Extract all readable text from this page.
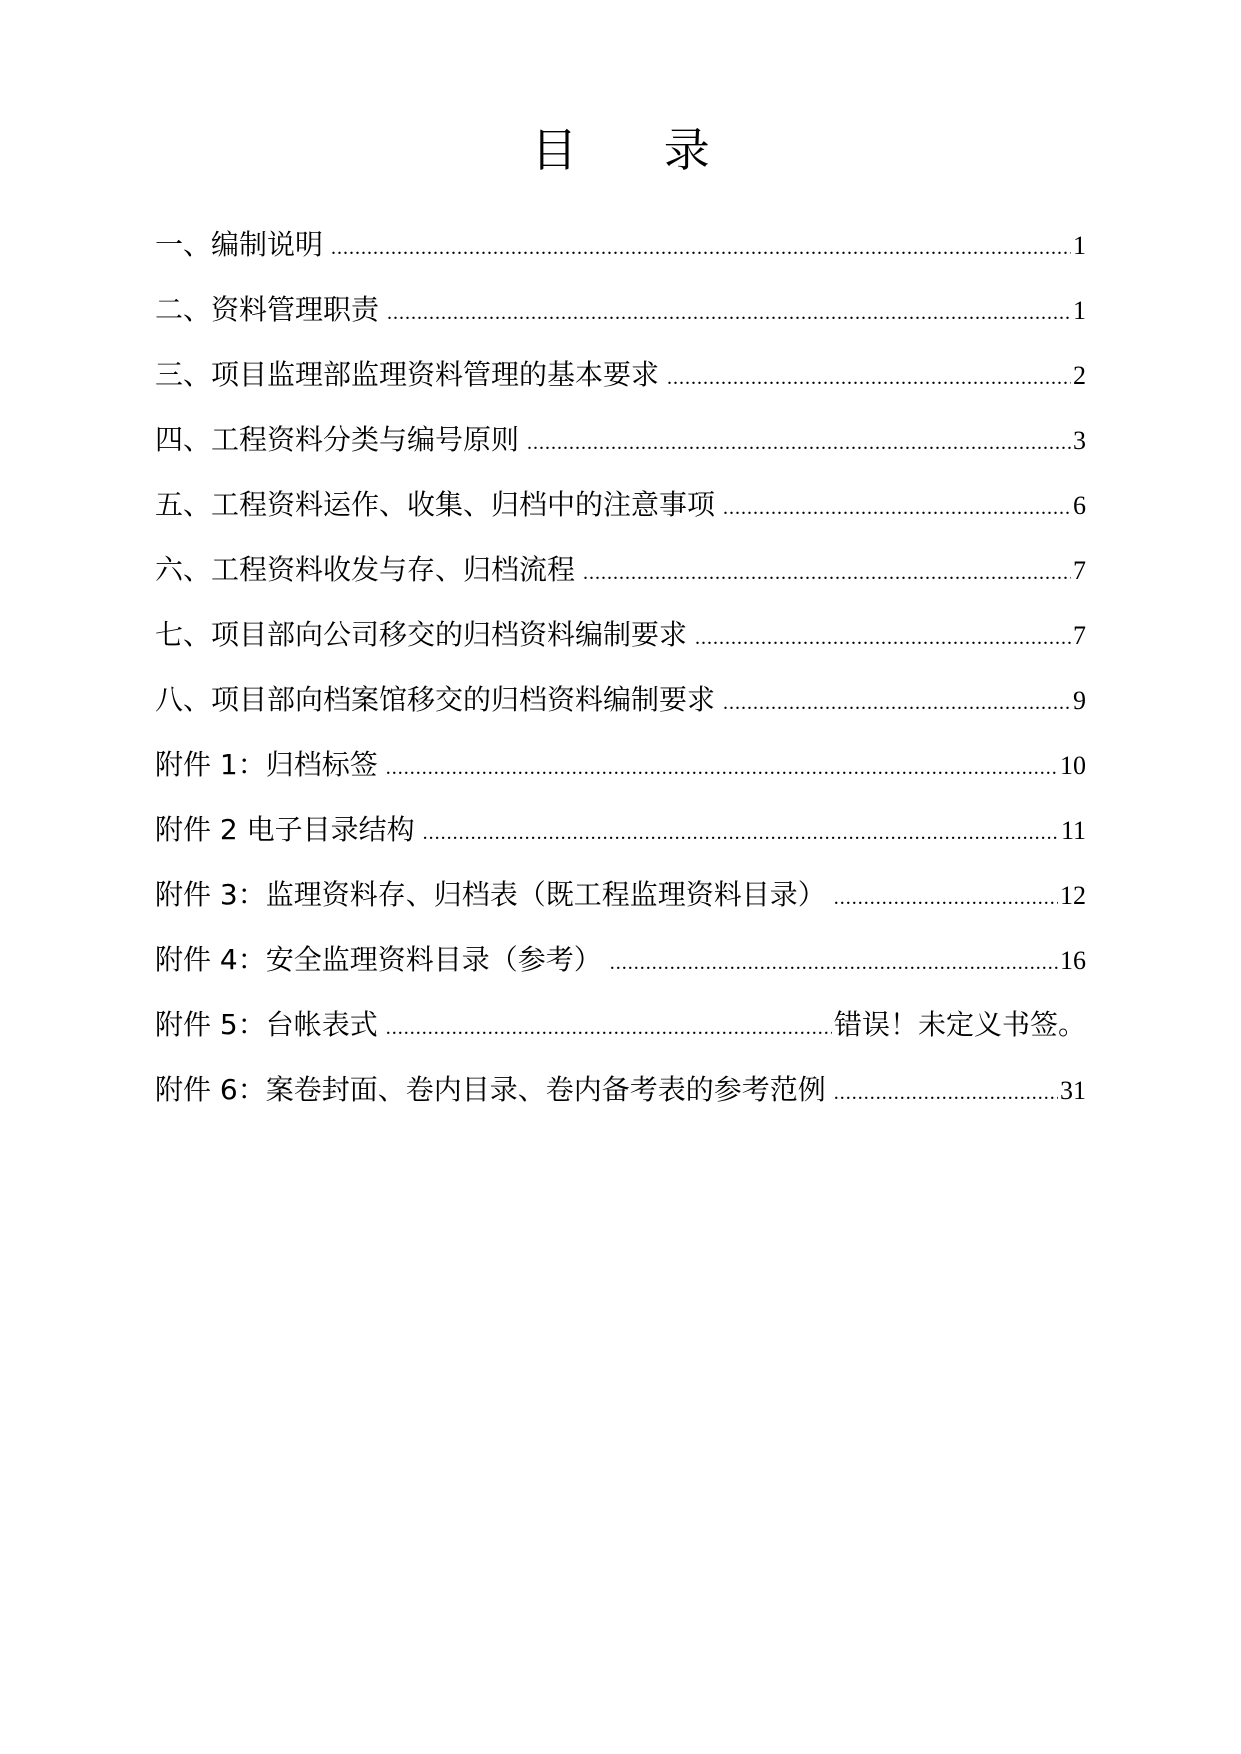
目 录
一、编制说明 .....	1
二、资料管理职责 .....	1
三、项目监理部监理资料管理的基本要求 .....	2
四、工程资料分类与编号原则 .....	3
五、工程资料运作、收集、归档中的注意事项 .....	6
六、工程资料收发与存、归档流程 .....	7
七、项目部向公司移交的归档资料编制要求 .....	7
八、项目部向档案馆移交的归档资料编制要求 .....	9
附件 1：归档标签 .....	10
附件 2 电子目录结构 .....	11
附件 3：监理资料存、归档表（既工程监理资料目录） .....	12
附件 4：安全监理资料目录（参考） .....	16
附件 5：台帐表式 .....	错误！未定义书签。
附件 6：案卷封面、卷内目录、卷内备考表的参考范例 .....	31
